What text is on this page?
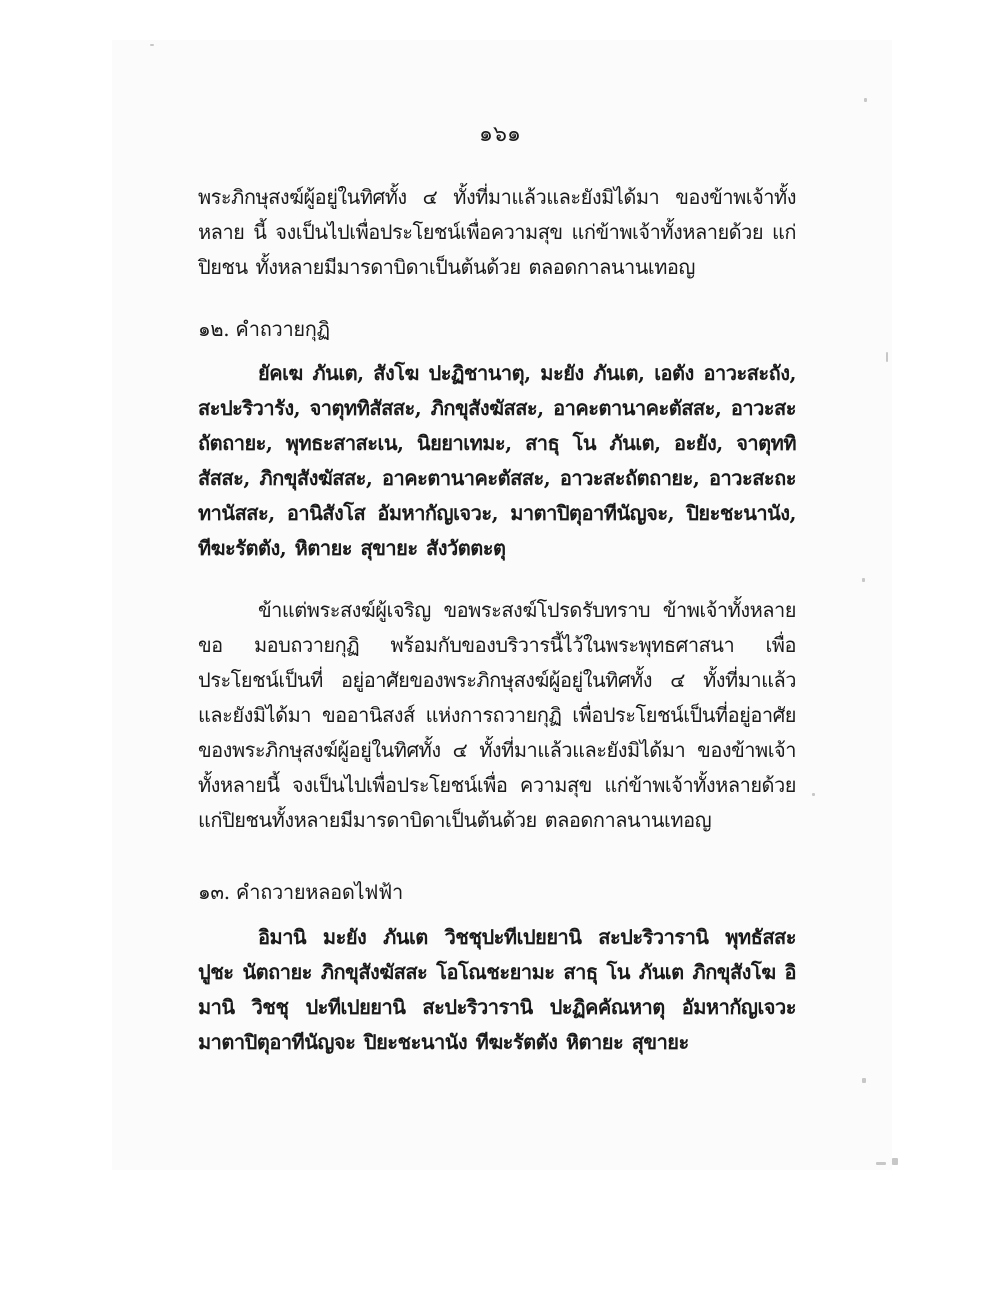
๑๖๑

พระภิกษุสงฆ์ผู้อยู่ในทิศทั้ง ๔ ทั้งที่มาแล้วและยังมิได้มา ของข้าพเจ้าทั้งหลาย นี้ จงเป็นไปเพื่อประโยชน์เพื่อความสุข แก่ข้าพเจ้าทั้งหลายด้วย แก่ปิยชน ทั้งหลายมีมารดาบิดาเป็นต้นด้วย ตลอดกาลนานเทอญ

๑๒. คำถวายกุฏิ

ยัคเฆ ภันเต, สังโฆ ปะฏิชานาตุ, มะยัง ภันเต, เอตัง อาวะสะถัง, สะปะริวารัง, จาตุททิสัสสะ, ภิกขุสังฆัสสะ, อาคะตานาคะตัสสะ, อาวะสะถัตถายะ, พุทธะสาสะเน, นิยยาเทมะ, สาธุ โน ภันเต, อะยัง, จาตุททิสัสสะ, ภิกขุสังฆัสสะ, อาคะตานาคะตัสสะ, อาวะสะถัตถายะ, อาวะสะถะทานัสสะ, อานิสังโส อัมหากัญเจวะ, มาตาปิตุอาทีนัญจะ, ปิยะชะนานัง, ทีฆะรัตตัง, หิตายะ สุขายะ สังวัตตะตุ

ข้าแต่พระสงฆ์ผู้เจริญ ขอพระสงฆ์โปรดรับทราบ ข้าพเจ้าทั้งหลายขอ มอบถวายกุฏิ พร้อมกับของบริวารนี้ไว้ในพระพุทธศาสนา เพื่อประโยชน์เป็นที่ อยู่อาศัยของพระภิกษุสงฆ์ผู้อยู่ในทิศทั้ง ๔ ทั้งที่มาแล้วและยังมิได้มา ขออานิสงส์ แห่งการถวายกุฏิ เพื่อประโยชน์เป็นที่อยู่อาศัยของพระภิกษุสงฆ์ผู้อยู่ในทิศทั้ง ๔ ทั้งที่มาแล้วและยังมิได้มา ของข้าพเจ้าทั้งหลายนี้ จงเป็นไปเพื่อประโยชน์เพื่อ ความสุข แก่ข้าพเจ้าทั้งหลายด้วยแก่ปิยชนทั้งหลายมีมารดาบิดาเป็นต้นด้วย ตลอดกาลนานเทอญ

๑๓. คำถวายหลอดไฟฟ้า

อิมานิ มะยัง ภันเต วิชชุปะทีเปยยานิ สะปะริวารานิ พุทธัสสะ ปูชะ นัตถายะ ภิกขุสังฆัสสะ โอโณชะยามะ สาธุ โน ภันเต ภิกขุสังโฆ อิมานิ วิชชุ ปะทีเปยยานิ สะปะริวารานิ ปะฏิคคัณหาตุ อัมหากัญเจวะ มาตาปิตุอาทีนัญจะ ปิยะชะนานัง ทีฆะรัตตัง หิตายะ สุขายะ
